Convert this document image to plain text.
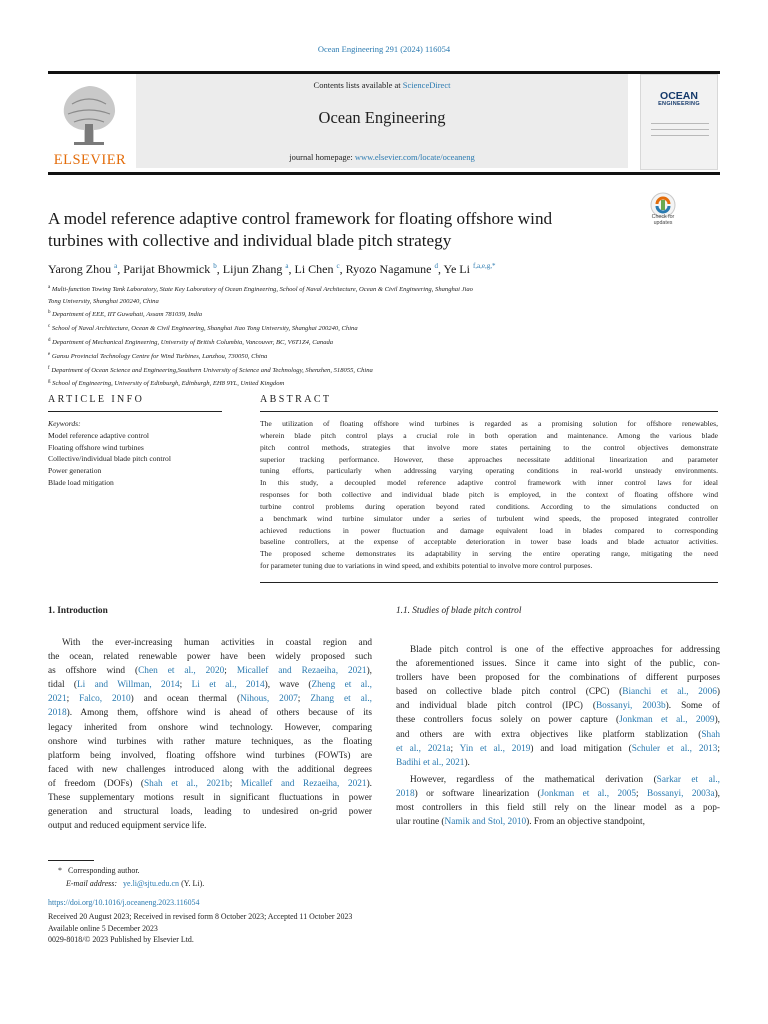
Ocean Engineering 291 (2024) 116054
ELSEVIER
Contents lists available at ScienceDirect
Ocean Engineering
journal homepage: www.elsevier.com/locate/oceaneng
OCEAN
ENGINEERING
A model reference adaptive control framework for floating offshore wind
turbines with collective and individual blade pitch strategy
Check for
updates
Yarong Zhou $^a$, Parijat Bhowmick $^b$, Lijun Zhang $^a$, Li Chen $^c$, Ryozo Nagamune $^d$, Ye Li $^{f,a,e,g,*}$
$^a$ Multi-function Towing Tank Laboratory, State Key Laboratory of Ocean Engineering, School of Naval Architecture, Ocean & Civil Engineering, Shanghai Jiao
Tong University, Shanghai 200240, China
$^b$ Department of EEE, IIT Guwahati, Assam 781039, India
$^c$ School of Naval Architecture, Ocean & Civil Engineering, Shanghai Jiao Tong University, Shanghai 200240, China
$^d$ Department of Mechanical Engineering, University of British Columbia, Vancouver, BC, V6T1Z4, Canada
$^e$ Gansu Provincial Technology Centre for Wind Turbines, Lanzhou, 730050, China
$^f$ Department of Ocean Science and Engineering,Southern University of Science and Technology, Shenzhen, 518055, China
$^g$ School of Engineering, University of Edinburgh, Edinburgh, EH8 9YL, United Kingdom
ARTICLE INFO
Keywords:
Model reference adaptive control
Floating offshore wind turbines
Collective/individual blade pitch control
Power generation
Blade load mitigation
ABSTRACT
The utilization of floating offshore wind turbines is regarded as a promising solution for offshore renewables,
wherein blade pitch control plays a crucial role in both operation and maintenance. Among the various blade
pitch control methods, strategies that involve more states pertaining to the control objectives demonstrate
superior tracking performance. However, these approaches necessitate additional linearization and parameter
tuning efforts, particularly when addressing varying operating conditions in real-world unsteady environments.
In this study, a decoupled model reference adaptive control framework with inner control laws for ideal
responses for both collective and individual blade pitch is employed, in the context of floating offshore wind
turbine control problems during operation beyond rated conditions. According to the simulations conducted on
a benchmark wind turbine simulator under a series of turbulent wind speeds, the proposed integrated controller
achieved reductions in power fluctuation and damage equivalent load in blades compared to corresponding
baseline controllers, at the expense of acceptable deterioration in tower base loads and blade actuator activities.
The proposed scheme demonstrates its adaptability in serving the entire operating range, mitigating the need
for parameter tuning due to variations in wind speed, and exhibits potential to involve more control purposes.
1. Introduction	1.1. Studies of blade pitch control
With the ever-increasing human activities in coastal region and
the ocean, related renewable power have been widely proposed such
as offshore wind (Chen et al., 2020; Micallef and Rezaeiha, 2021),
tidal (Li and Willman, 2014; Li et al., 2014), wave (Zheng et al.,
2021; Falco, 2010) and ocean thermal (Nihous, 2007; Zhang et al.,
2018). Among them, offshore wind is ahead of others because of its
legacy inherited from onshore wind technology. However, comparing
onshore wind turbines with rather mature techniques, as the floating
platform being involved, floating offshore wind turbines (FOWTs) are
faced with new challenges introduced along with the additional degrees
of freedom (DOFs) (Shah et al., 2021b; Micallef and Rezaeiha, 2021).
These supplementary motions result in significant fluctuations in power
generation and structural loads, leading to undesired on-grid power
output and reduced equipment service life.
Blade pitch control is one of the effective approaches for addressing
the aforementioned issues. Since it came into sight of the public, con-
trollers have been proposed for the combinations of different purposes
based on collective blade pitch control (CPC) (Bianchi et al., 2006)
and individual blade pitch control (IPC) (Bossanyi, 2003b). Some of
these controllers focus solely on power capture (Jonkman et al., 2009),
and others are with extra objectives like platform stablization (Shah
et al., 2021a; Yin et al., 2019) and load mitigation (Schuler et al., 2013;
Badihi et al., 2021).
However, regardless of the mathematical derivation (Sarkar et al.,
2018) or software linearization (Jonkman et al., 2005; Bossanyi, 2003a),
most controllers in this field still rely on the linear model as a pop-
ular routine (Namik and Stol, 2010). From an objective standpoint,
* Corresponding author.
E-mail address: ye.li@sjtu.edu.cn (Y. Li).
https://doi.org/10.1016/j.oceaneng.2023.116054
Received 20 August 2023; Received in revised form 8 October 2023; Accepted 11 October 2023
Available online 5 December 2023
0029-8018/© 2023 Published by Elsevier Ltd.
